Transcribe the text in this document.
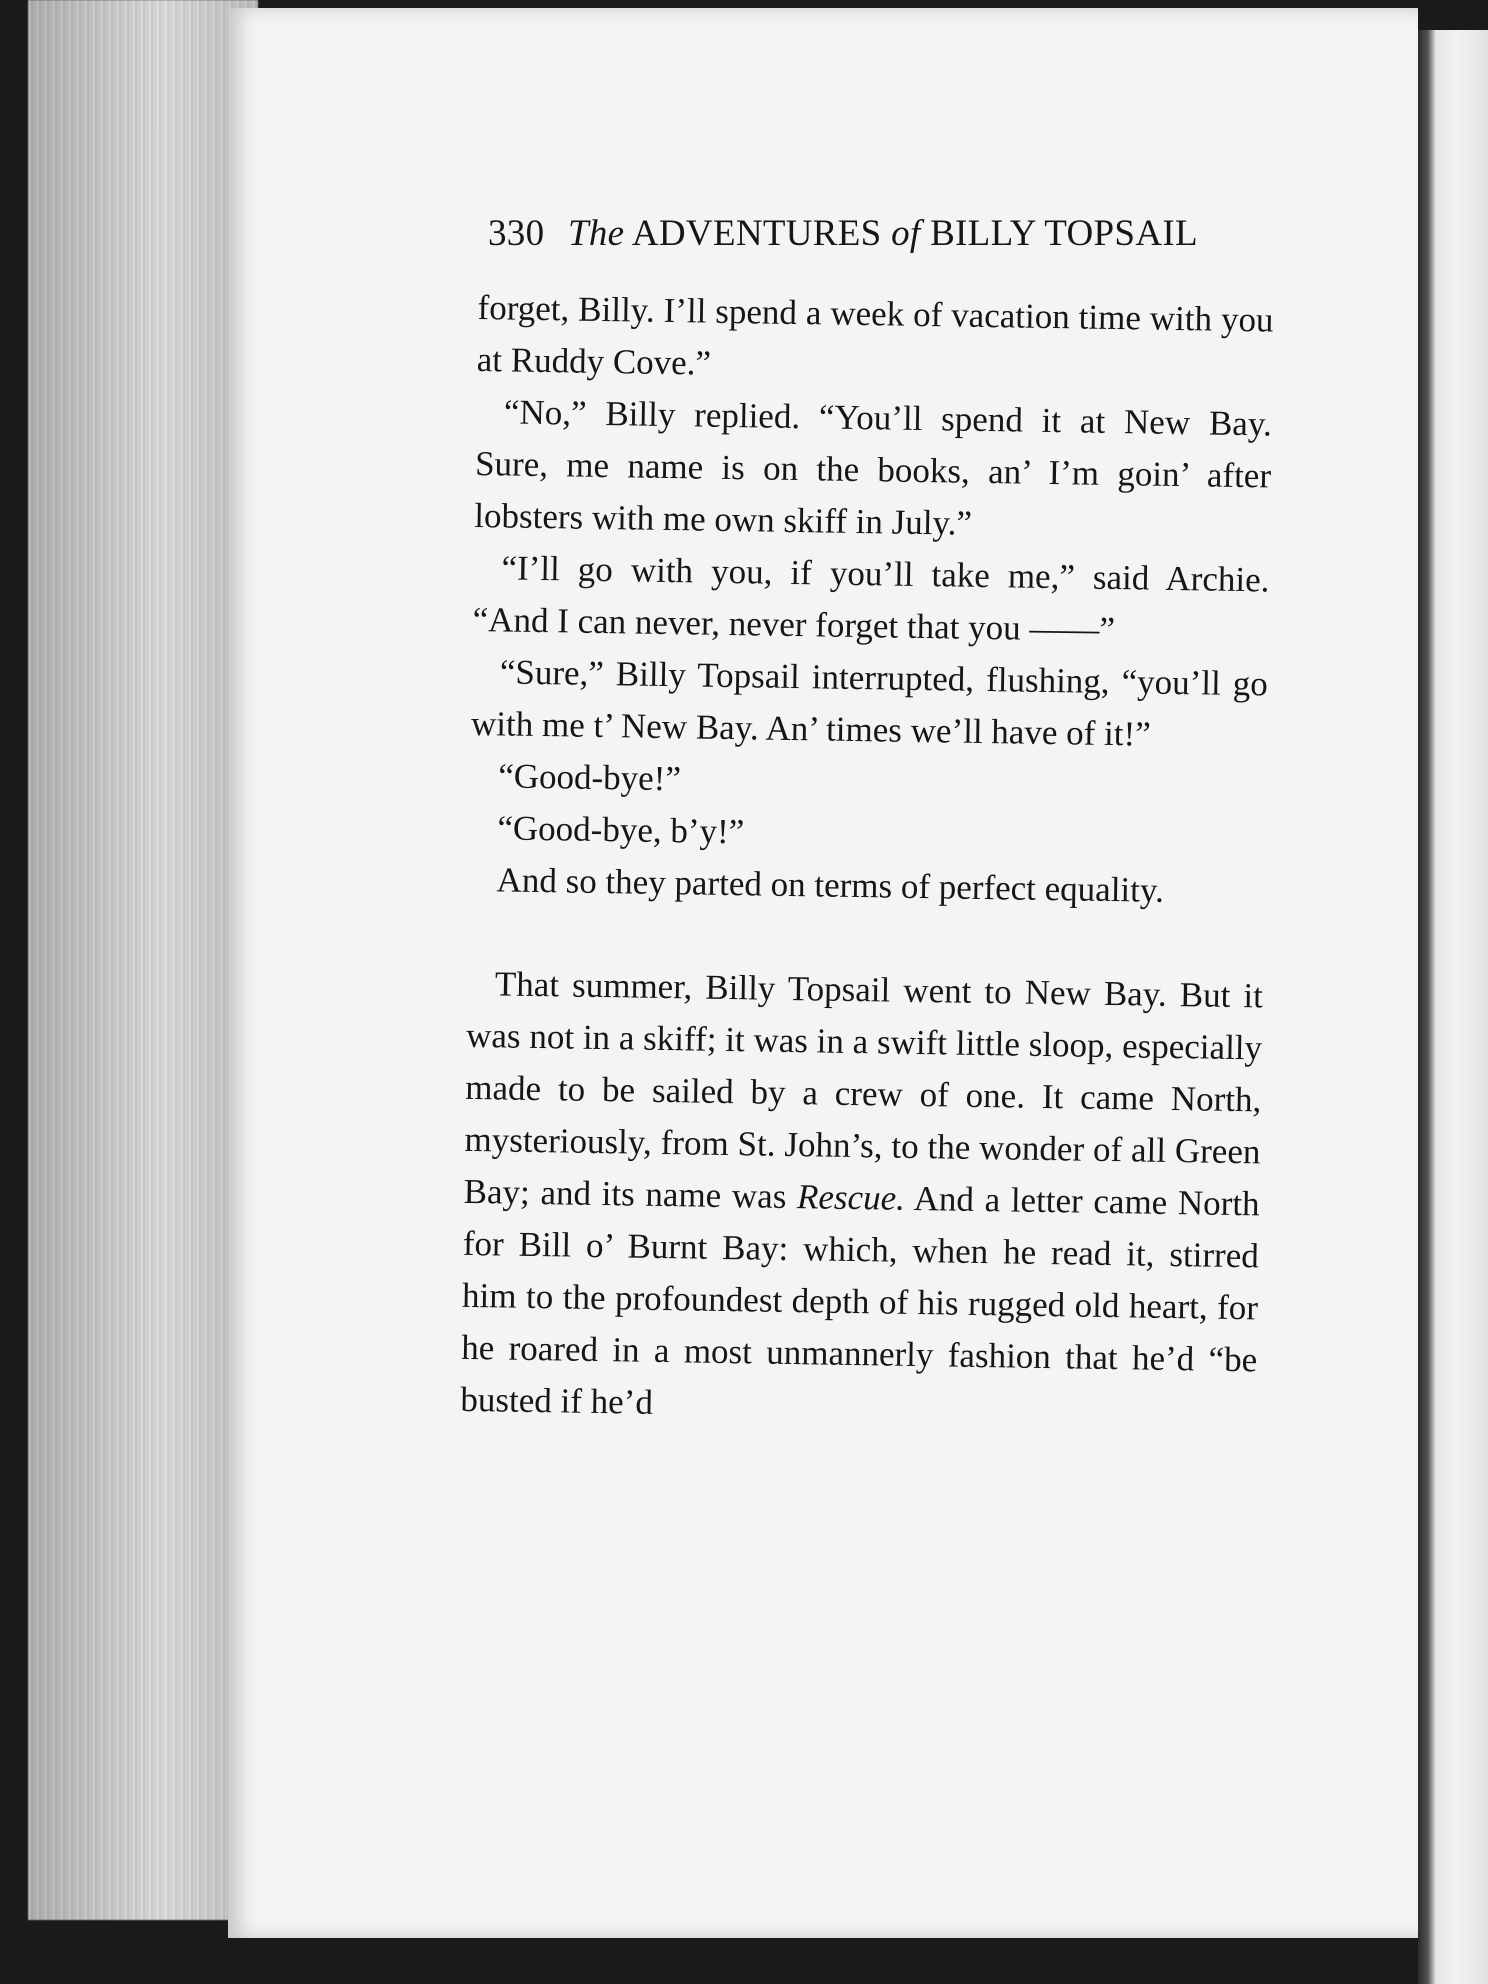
330 The ADVENTURES of BILLY TOPSAIL

forget, Billy. I’ll spend a week of vacation time with you at Ruddy Cove.”

“No,” Billy replied. “You’ll spend it at New Bay. Sure, me name is on the books, an’ I’m goin’ after lobsters with me own skiff in July.”

“I’ll go with you, if you’ll take me,” said Archie. “And I can never, never forget that you ——”

“Sure,” Billy Topsail interrupted, flushing, “you’ll go with me t’ New Bay. An’ times we’ll have of it!”

“Good-bye!”

“Good-bye, b’y!”

And so they parted on terms of perfect equality.

That summer, Billy Topsail went to New Bay. But it was not in a skiff; it was in a swift little sloop, especially made to be sailed by a crew of one. It came North, mysteriously, from St. John’s, to the wonder of all Green Bay; and its name was Rescue. And a letter came North for Bill o’ Burnt Bay: which, when he read it, stirred him to the profoundest depth of his rugged old heart, for he roared in a most unmannerly fashion that he’d “be busted if he’d
